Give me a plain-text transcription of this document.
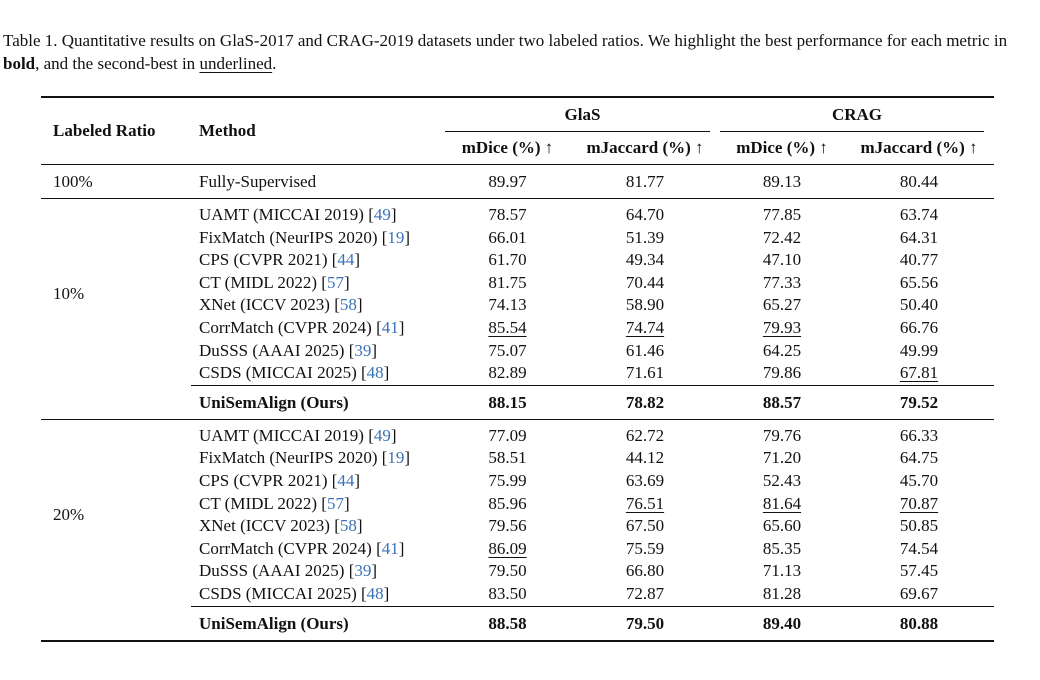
Table 1. Quantitative results on GlaS-2017 and CRAG-2019 datasets under two labeled ratios. We highlight the best performance for each metric in bold, and the second-best in underlined.

Labeled Ratio	Method	GlaS		CRAG	

		mDice (%) ↑	mJaccard (%) ↑	mDice (%) ↑	mJaccard (%) ↑
100%	Fully-Supervised	89.97	81.77	89.13	80.44
10%	UAMT (MICCAI 2019) [49]	78.57	64.70	77.85	63.74
	FixMatch (NeurIPS 2020) [19]	66.01	51.39	72.42	64.31
	CPS (CVPR 2021) [44]	61.70	49.34	47.10	40.77
	CT (MIDL 2022) [57]	81.75	70.44	77.33	65.56
	XNet (ICCV 2023) [58]	74.13	58.90	65.27	50.40
	CorrMatch (CVPR 2024) [41]	85.54	74.74	79.93	66.76
	DuSSS (AAAI 2025) [39]	75.07	61.46	64.25	49.99
	CSDS (MICCAI 2025) [48]	82.89	71.61	79.86	67.81
	UniSemAlign (Ours)	88.15	78.82	88.57	79.52
20%	UAMT (MICCAI 2019) [49]	77.09	62.72	79.76	66.33
	FixMatch (NeurIPS 2020) [19]	58.51	44.12	71.20	64.75
	CPS (CVPR 2021) [44]	75.99	63.69	52.43	45.70
	CT (MIDL 2022) [57]	85.96	76.51	81.64	70.87
	XNet (ICCV 2023) [58]	79.56	67.50	65.60	50.85
	CorrMatch (CVPR 2024) [41]	86.09	75.59	85.35	74.54
	DuSSS (AAAI 2025) [39]	79.50	66.80	71.13	57.45
	CSDS (MICCAI 2025) [48]	83.50	72.87	81.28	69.67
	UniSemAlign (Ours)	88.58	79.50	89.40	80.88
